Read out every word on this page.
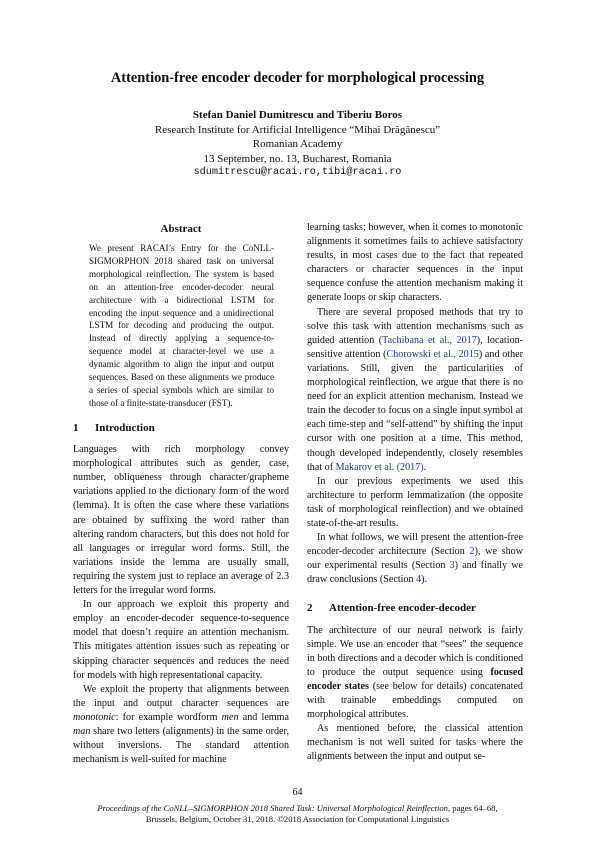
Attention-free encoder decoder for morphological processing
Stefan Daniel Dumitrescu and Tiberiu Boros
Research Institute for Artificial Intelligence “Mihai Drăgănescu”
Romanian Academy
13 September, no. 13, Bucharest, Romania
sdumitrescu@racai.ro,tibi@racai.ro
Abstract
We present RACAI’s Entry for the CoNLL-SIGMORPHON 2018 shared task on universal morphological reinflection. The system is based on an attention-free encoder-decoder neural architecture with a bidirectional LSTM for encoding the input sequence and a unidirectional LSTM for decoding and producing the output. Instead of directly applying a sequence-to-sequence model at character-level we use a dynamic algorithm to align the input and output sequences. Based on these alignments we produce a series of special symbols which are similar to those of a finite-state-transducer (FST).
1 Introduction

Languages with rich morphology convey morphological attributes such as gender, case, number, obliqueness through character/grapheme variations applied to the dictionary form of the word (lemma). It is often the case where these variations are obtained by suffixing the word rather than altering random characters, but this does not hold for all languages or irregular word forms. Still, the variations inside the lemma are usually small, requiring the system just to replace an average of 2.3 letters for the irregular word forms.

In our approach we exploit this property and employ an encoder-decoder sequence-to-sequence model that doesn’t require an attention mechanism. This mitigates attention issues such as repeating or skipping character sequences and reduces the need for models with high representational capacity.

We exploit the property that alignments between the input and output character sequences are monotonic: for example wordform men and lemma man share two letters (alignments) in the same order, without inversions. The standard attention mechanism is well-suited for machine

learning tasks; however, when it comes to monotonic alignments it sometimes fails to achieve satisfactory results, in most cases due to the fact that repeated characters or character sequences in the input sequence confuse the attention mechanism making it generate loops or skip characters.

There are several proposed methods that try to solve this task with attention mechanisms such as guided attention (Tachibana et al., 2017), location-sensitive attention (Chorowski et al., 2015) and other variations. Still, given the particularities of morphological reinflection, we argue that there is no need for an explicit attention mechanism. Instead we train the decoder to focus on a single input symbol at each time-step and “self-attend” by shifting the input cursor with one position at a time. This method, though developed independently, closely resembles that of Makarov et al. (2017).

In our previous experiments we used this architecture to perform lemmatization (the opposite task of morphological reinflection) and we obtained state-of-the-art results.

In what follows, we will present the attention-free encoder-decoder architecture (Section 2), we show our experimental results (Section 3) and finally we draw conclusions (Section 4).

2 Attention-free encoder-decoder

The architecture of our neural network is fairly simple. We use an encoder that “sees” the sequence in both directions and a decoder which is conditioned to produce the output sequence using focused encoder states (see below for details) concatenated with trainable embeddings computed on morphological attributes.

As mentioned before, the classical attention mechanism is not well suited for tasks where the alignments between the input and output se-

64
Proceedings of the CoNLL–SIGMORPHON 2018 Shared Task: Universal Morphological Reinflection, pages 64–68,
Brussels, Belgium, October 31, 2018. ©2018 Association for Computational Linguistics
